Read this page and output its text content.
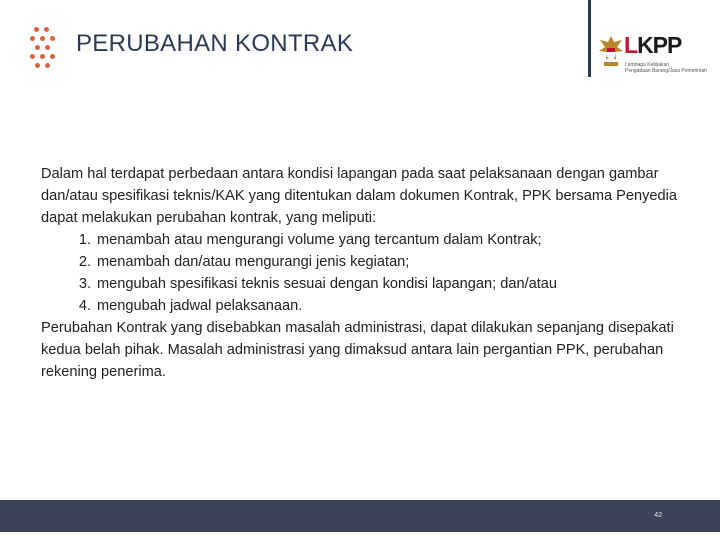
PERUBAHAN KONTRAK	LKPP
Lembaga Kebijakan
Pengadaan Barang/Jasa Pemerintah

Dalam hal terdapat perbedaan antara kondisi lapangan pada saat pelaksanaan dengan gambar dan/atau spesifikasi teknis/KAK yang ditentukan dalam dokumen Kontrak, PPK bersama Penyedia dapat melakukan perubahan kontrak, yang meliputi:

1. menambah atau mengurangi volume yang tercantum dalam Kontrak;
2. menambah dan/atau mengurangi jenis kegiatan;
3. mengubah spesifikasi teknis sesuai dengan kondisi lapangan; dan/atau
4. mengubah jadwal pelaksanaan.

Perubahan Kontrak yang disebabkan masalah administrasi, dapat dilakukan sepanjang disepakati kedua belah pihak. Masalah administrasi yang dimaksud antara lain pergantian PPK, perubahan rekening penerima.

42
